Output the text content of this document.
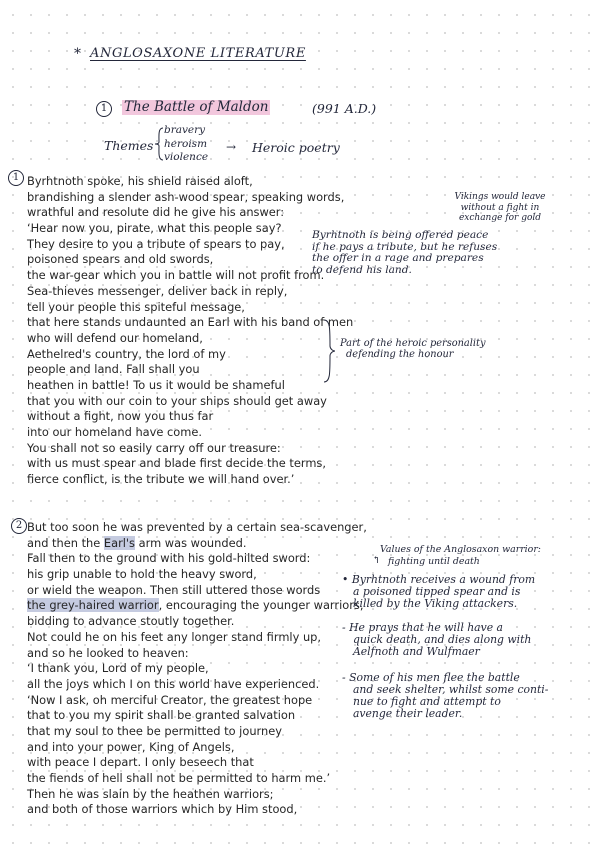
* ANGLOSAXONE LITERATURE
1	The Battle of Maldon	(991 A.D.)
Themes
bravery
heroism
violence
→ Heroic poetry
1 Byrhtnoth spoke, his shield raised aloft,
brandishing a slender ash-wood spear, speaking words,
wrathful and resolute did he give his answer:
‘Hear now you, pirate, what this people say?
They desire to you a tribute of spears to pay,
poisoned spears and old swords,
the war-gear which you in battle will not profit from.
Sea-thieves messenger, deliver back in reply,
tell your people this spiteful message,
that here stands undaunted an Earl with his band of men
who will defend our homeland,
Aethelred's country, the lord of my
people and land. Fall shall you
heathen in battle! To us it would be shameful
that you with our coin to your ships should get away
without a fight, now you thus far
into our homeland have come.
You shall not so easily carry off our treasure:
with us must spear and blade first decide the terms,
fierce conflict, is the tribute we will hand over.’
Vikings would leave without a fight in exchange for gold
Byrhtnoth is being offered peace
if he pays a tribute, but he refuses
the offer in a rage and prepares
to defend his land.
Part of the heroic personality
defending the honour
2 But too soon he was prevented by a certain sea-scavenger,
and then the Earl's arm was wounded.
Fall then to the ground with his gold-hilted sword:
his grip unable to hold the heavy sword,
or wield the weapon. Then still uttered those words
the grey-haired warrior, encouraging the younger warriors,
bidding to advance stoutly together.
Not could he on his feet any longer stand firmly up,
and so he looked to heaven:
‘I thank you, Lord of my people,
all the joys which I on this world have experienced.
‘Now I ask, oh merciful Creator, the greatest hope
that to you my spirit shall be granted salvation
that my soul to thee be permitted to journey
and into your power, King of Angels,
with peace I depart. I only beseech that
the fiends of hell shall not be permitted to harm me.’
Then he was slain by the heathen warriors;
and both of those warriors which by Him stood,
Values of the Anglosaxon warrior:
↰ fighting until death
• Byrhtnoth receives a wound from
a poisoned tipped spear and is
killed by the Viking attackers.
- He prays that he will have a
quick death, and dies along with
Aelfnoth and Wulfmaer
- Some of his men flee the battle
and seek shelter, whilst some conti-
nue to fight and attempt to
avenge their leader.
